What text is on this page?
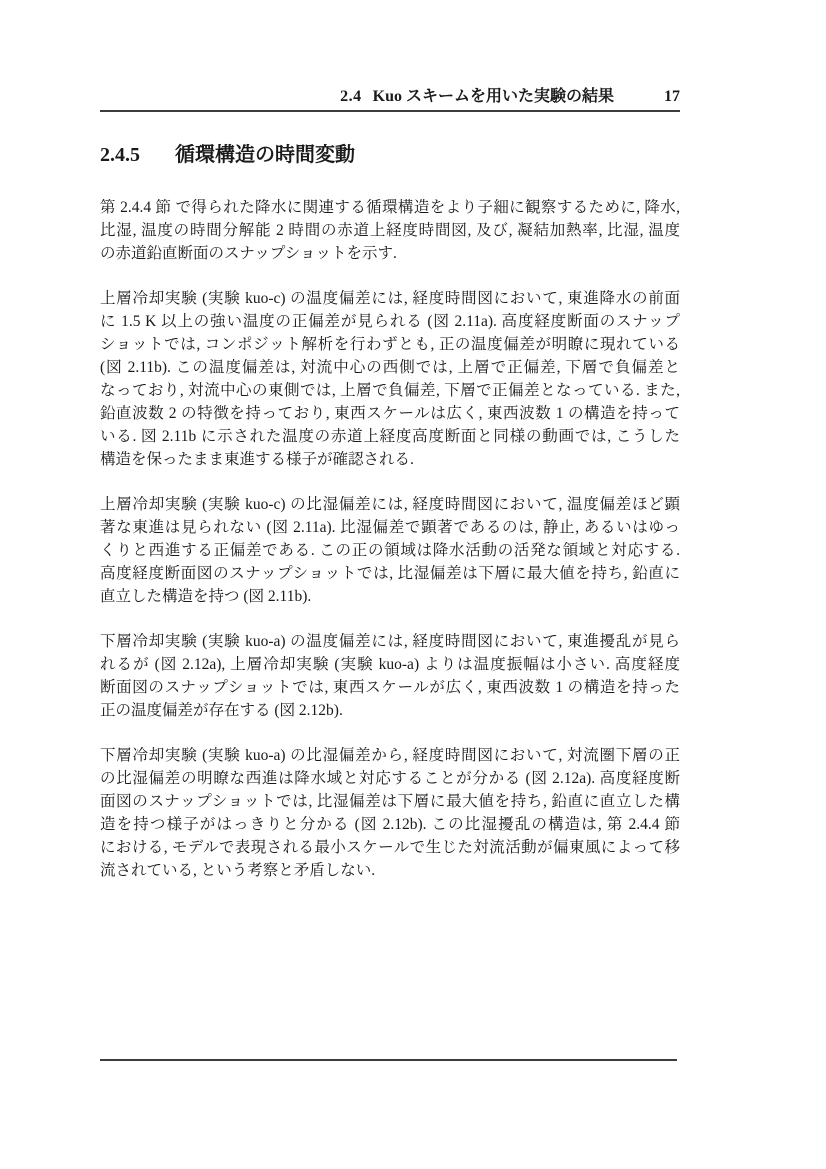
2.4 Kuo スキームを用いた実験の結果	17
2.4.5 循環構造の時間変動

第 2.4.4 節 で得られた降水に関連する循環構造をより子細に観察するために, 降水,
比湿, 温度の時間分解能 2 時間の赤道上経度時間図, 及び, 凝結加熱率, 比湿, 温度
の赤道鉛直断面のスナップショットを示す.

上層冷却実験 (実験 kuo-c) の温度偏差には, 経度時間図において, 東進降水の前面
に 1.5 K 以上の強い温度の正偏差が見られる (図 2.11a). 高度経度断面のスナップ
ショットでは, コンポジット解析を行わずとも, 正の温度偏差が明瞭に現れている
(図 2.11b). この温度偏差は, 対流中心の西側では, 上層で正偏差, 下層で負偏差と
なっており, 対流中心の東側では, 上層で負偏差, 下層で正偏差となっている. また,
鉛直波数 2 の特徴を持っており, 東西スケールは広く, 東西波数 1 の構造を持って
いる. 図 2.11b に示された温度の赤道上経度高度断面と同様の動画では, こうした
構造を保ったまま東進する様子が確認される.

上層冷却実験 (実験 kuo-c) の比湿偏差には, 経度時間図において, 温度偏差ほど顕
著な東進は見られない (図 2.11a). 比湿偏差で顕著であるのは, 静止, あるいはゆっ
くりと西進する正偏差である. この正の領域は降水活動の活発な領域と対応する.
高度経度断面図のスナップショットでは, 比湿偏差は下層に最大値を持ち, 鉛直に
直立した構造を持つ (図 2.11b).

下層冷却実験 (実験 kuo-a) の温度偏差には, 経度時間図において, 東進擾乱が見ら
れるが (図 2.12a), 上層冷却実験 (実験 kuo-a) よりは温度振幅は小さい. 高度経度
断面図のスナップショットでは, 東西スケールが広く, 東西波数 1 の構造を持った
正の温度偏差が存在する (図 2.12b).

下層冷却実験 (実験 kuo-a) の比湿偏差から, 経度時間図において, 対流圏下層の正
の比湿偏差の明瞭な西進は降水域と対応することが分かる (図 2.12a). 高度経度断
面図のスナップショットでは, 比湿偏差は下層に最大値を持ち, 鉛直に直立した構
造を持つ様子がはっきりと分かる (図 2.12b). この比湿擾乱の構造は, 第 2.4.4 節
における, モデルで表現される最小スケールで生じた対流活動が偏東風によって移
流されている, という考察と矛盾しない.
